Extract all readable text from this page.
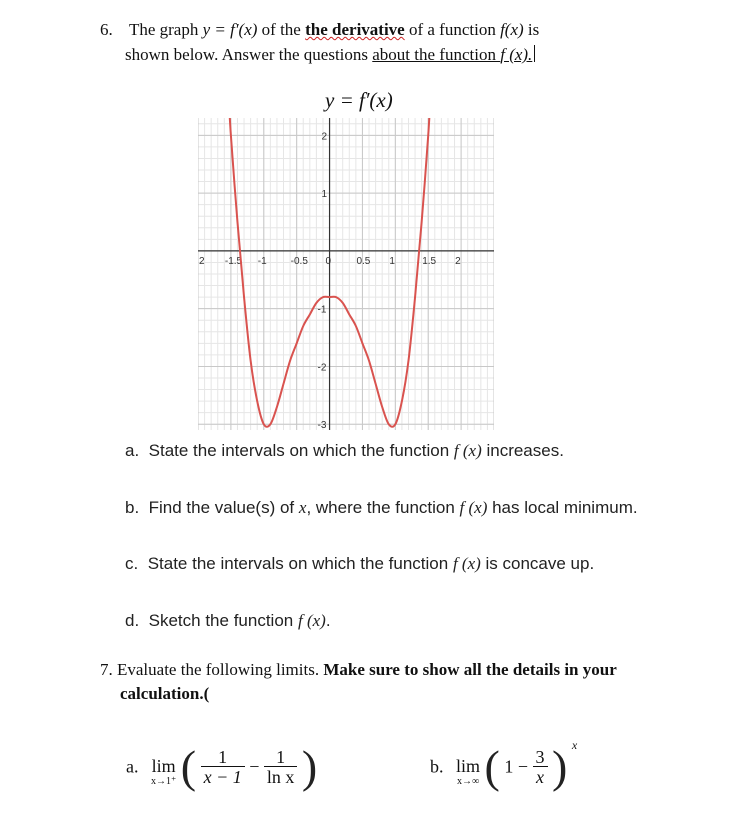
6. The graph y = f′(x) of the the derivative of a function f(x) is
shown below. Answer the questions about the function f (x).
y = f′(x)
-1.5 -1 -0.5 0	0.5 1	1.5 2
2
2
1
-1
-2
-3
a. State the intervals on which the function f (x) increases.
b. Find the value(s) of x, where the function f (x) has local minimum.
c. State the intervals on which the function f (x) is concave up.
d. Sketch the function f (x).
7. Evaluate the following limits. Make sure to show all the details in your
calculation.(
a. lim
x→1⁺ ( $\frac{1}{x - 1} - \frac{1}{\text{ln x}}$ )	b. lim
x→∞ ( $1 - \frac{3}{x}$ ) $^x$
